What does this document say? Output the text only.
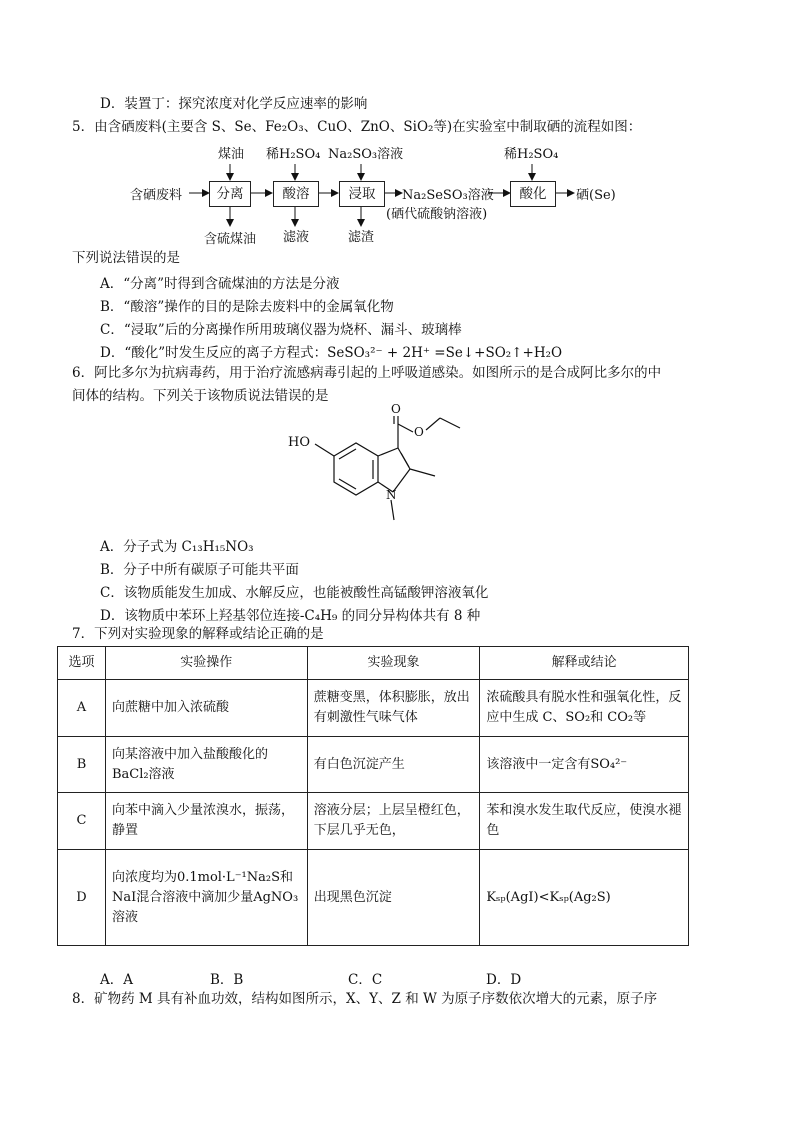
D．装置丁：探究浓度对化学反应速率的影响
5．由含硒废料(主要含 S、Se、Fe₂O₃、CuO、ZnO、SiO₂等)在实验室中制取硒的流程如图：
含硒废料	分离	酸溶	浸取	酸化
煤油 稀H₂SO₄ Na₂SO₃溶液	稀H₂SO₄
含硫煤油 滤液	滤渣
Na₂SeSO₃溶液
(硒代硫酸钠溶液)
硒(Se)
下列说法错误的是
A．“分离”时得到含硫煤油的方法是分液
B．“酸溶”操作的目的是除去废料中的金属氧化物
C．“浸取”后的分离操作所用玻璃仪器为烧杯、漏斗、玻璃棒
D．“酸化”时发生反应的离子方程式：SeSO₃²⁻ + 2H⁺ =Se↓+SO₂↑+H₂O
6．阿比多尔为抗病毒药，用于治疗流感病毒引起的上呼吸道感染。如图所示的是合成阿比多尔的中
间体的结构。下列关于该物质说法错误的是
HO
O
O
N
A．分子式为 C₁₃H₁₅NO₃
B．分子中所有碳原子可能共平面
C．该物质能发生加成、水解反应，也能被酸性高锰酸钾溶液氧化
D．该物质中苯环上羟基邻位连接-C₄H₉ 的同分异构体共有 8 种
7．下列对实验现象的解释或结论正确的是
选项	实验操作	实验现象	解释或结论
A	向蔗糖中加入浓硫酸	蔗糖变黑，体积膨胀，放出有刺激性气味气体	浓硫酸具有脱水性和强氧化性，反应中生成 C、SO₂和 CO₂等
B	向某溶液中加入盐酸酸化的BaCl₂溶液	有白色沉淀产生	该溶液中一定含有SO₄²⁻
C	向苯中滴入少量浓溴水，振荡，静置	溶液分层；上层呈橙红色，下层几乎无色，	苯和溴水发生取代反应，使溴水褪色
D	向浓度均为0.1mol·L⁻¹Na₂S和NaI混合溶液中滴加少量AgNO₃溶液	出现黑色沉淀	Kₛₚ(AgI)<Kₛₚ(Ag₂S)
A．A	B．B	C．C	D．D
8．矿物药 M 具有补血功效，结构如图所示，X、Y、Z 和 W 为原子序数依次增大的元素，原子序
